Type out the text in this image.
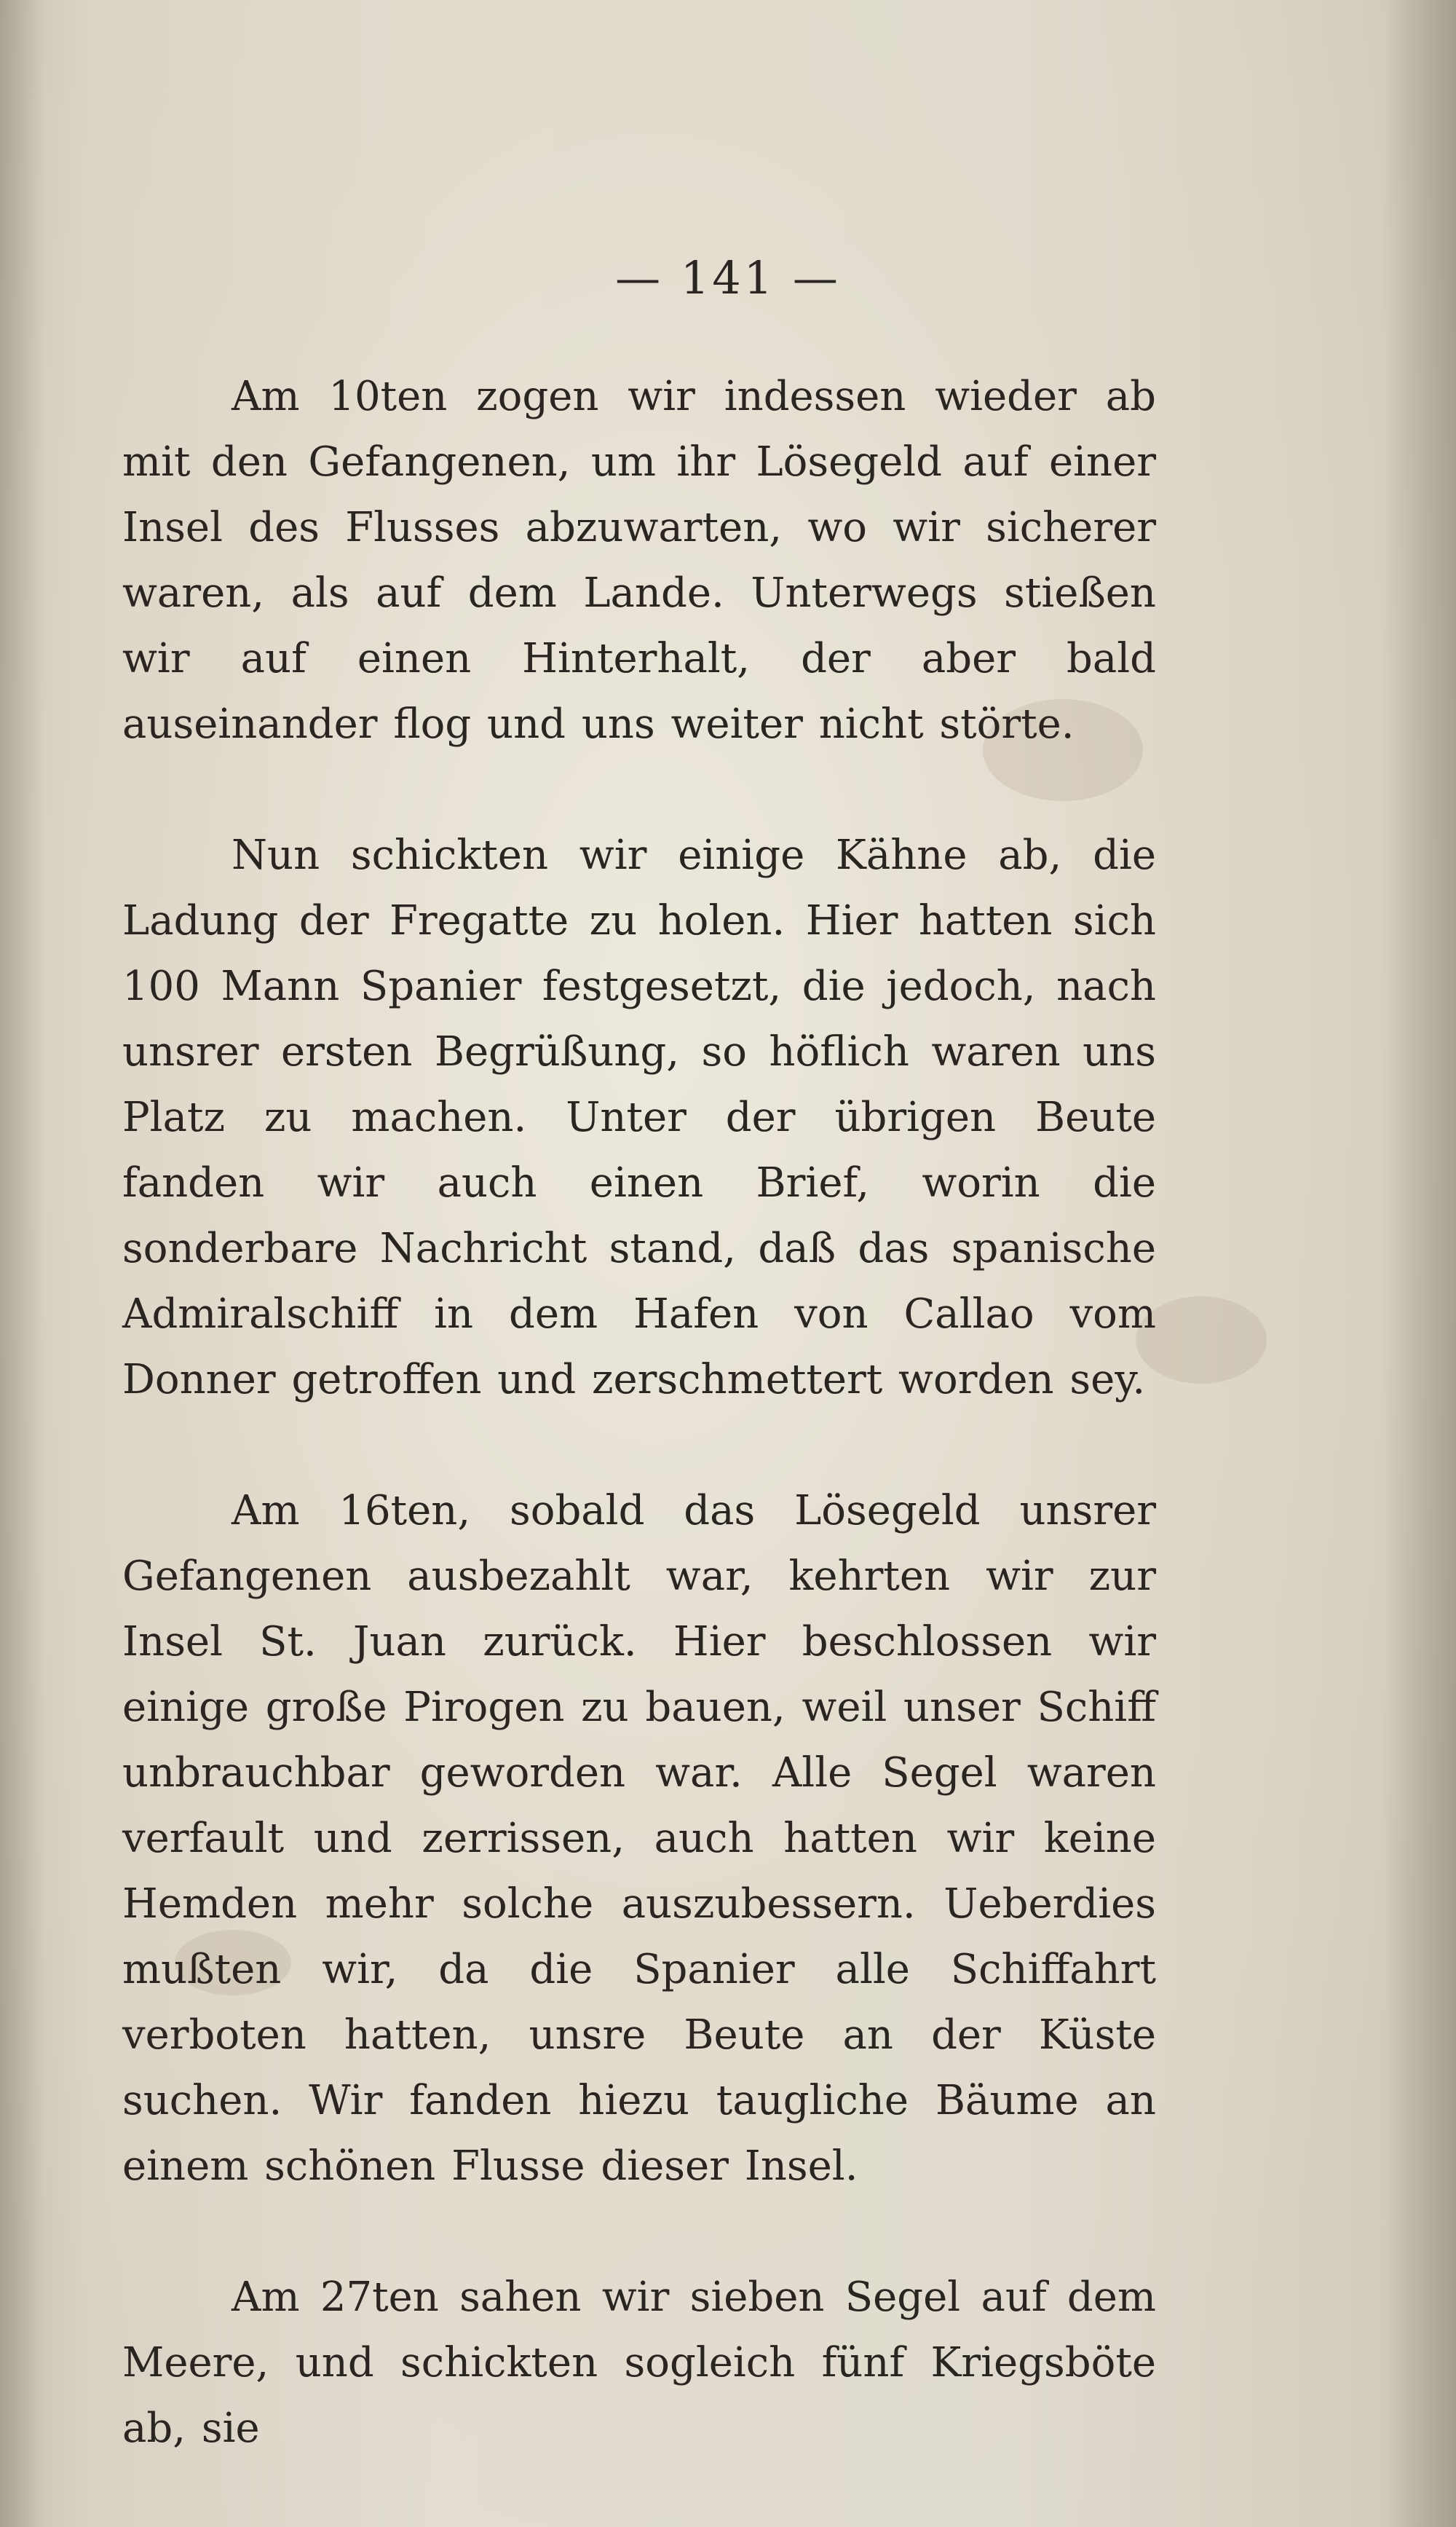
— 141 —

Am 10ten zogen wir indessen wieder ab mit den Gefangenen, um ihr Lösegeld auf einer Insel des Flusses abzuwarten, wo wir sicherer waren, als auf dem Lande. Unterwegs stießen wir auf einen Hinterhalt, der aber bald auseinander flog und uns weiter nicht störte.

Nun schickten wir einige Kähne ab, die Ladung der Fregatte zu holen. Hier hatten sich 100 Mann Spanier festgesetzt, die jedoch, nach unsrer ersten Begrüßung, so höflich waren uns Platz zu machen. Unter der übrigen Beute fanden wir auch einen Brief, worin die sonderbare Nachricht stand, daß das spanische Admiralschiff in dem Hafen von Callao vom Donner getroffen und zerschmettert worden sey.

Am 16ten, sobald das Lösegeld unsrer Gefangenen ausbezahlt war, kehrten wir zur Insel St. Juan zurück. Hier beschlossen wir einige große Pirogen zu bauen, weil unser Schiff unbrauchbar geworden war. Alle Segel waren verfault und zerrissen, auch hatten wir keine Hemden mehr solche auszubessern. Ueberdies mußten wir, da die Spanier alle Schiffahrt verboten hatten, unsre Beute an der Küste suchen. Wir fanden hiezu taugliche Bäume an einem schönen Flusse dieser Insel.

Am 27ten sahen wir sieben Segel auf dem Meere, und schickten sogleich fünf Kriegsböte ab, sie
